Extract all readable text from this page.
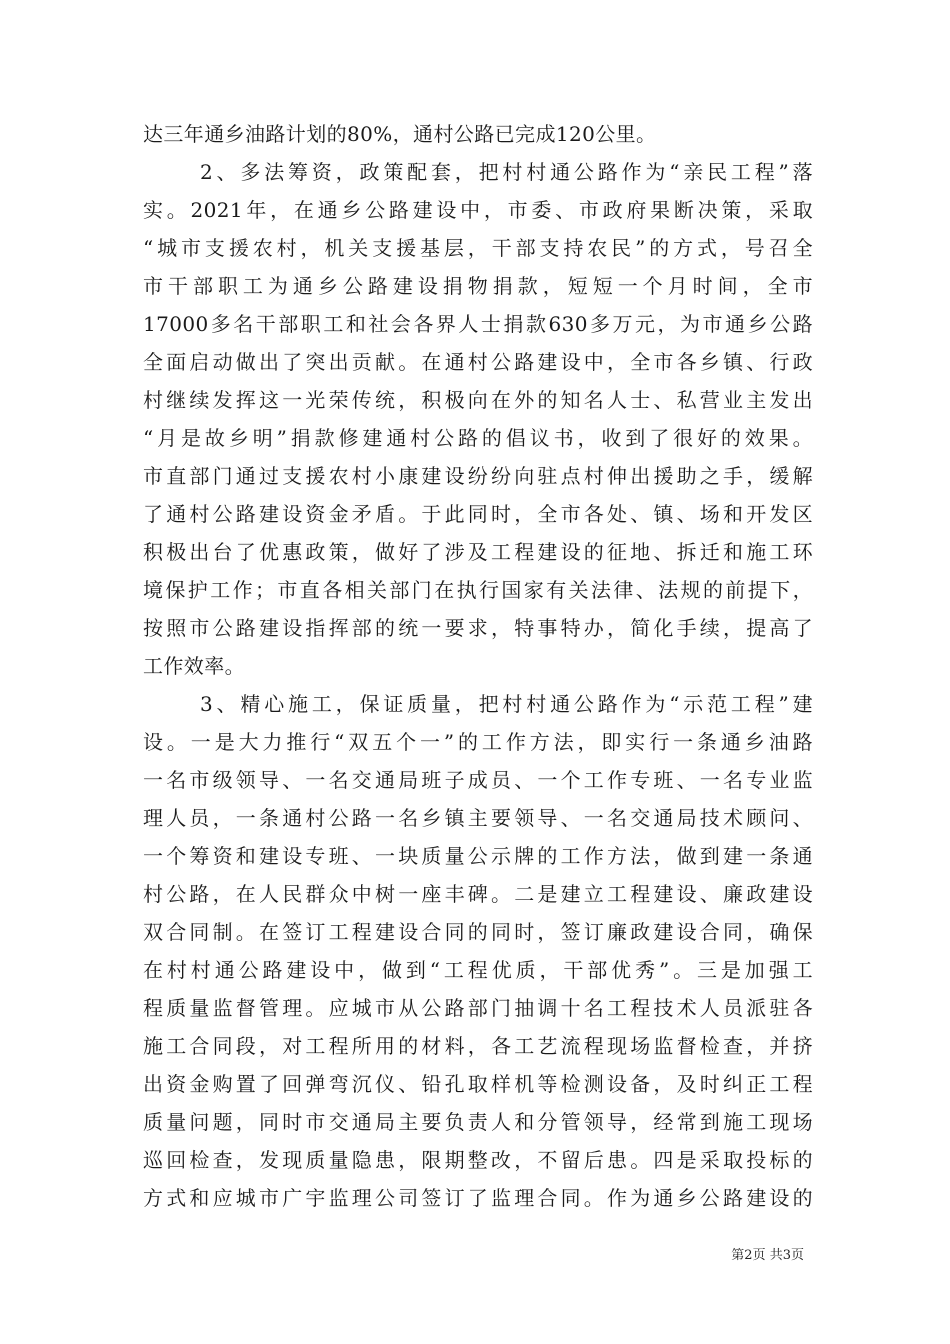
达三年通乡油路计划的80%，通村公路已完成120公里。
2、多法筹资，政策配套，把村村通公路作为“亲民工程”落
实。2021年，在通乡公路建设中，市委、市政府果断决策，采取
“城市支援农村，机关支援基层，干部支持农民”的方式，号召全
市干部职工为通乡公路建设捐物捐款，短短一个月时间，全市
17000多名干部职工和社会各界人士捐款630多万元，为市通乡公路
全面启动做出了突出贡献。在通村公路建设中，全市各乡镇、行政
村继续发挥这一光荣传统，积极向在外的知名人士、私营业主发出
“月是故乡明”捐款修建通村公路的倡议书，收到了很好的效果。
市直部门通过支援农村小康建设纷纷向驻点村伸出援助之手，缓解
了通村公路建设资金矛盾。于此同时，全市各处、镇、场和开发区
积极出台了优惠政策，做好了涉及工程建设的征地、拆迁和施工环
境保护工作；市直各相关部门在执行国家有关法律、法规的前提下，
按照市公路建设指挥部的统一要求，特事特办，简化手续，提高了
工作效率。
3、精心施工，保证质量，把村村通公路作为“示范工程”建
设。一是大力推行“双五个一”的工作方法，即实行一条通乡油路
一名市级领导、一名交通局班子成员、一个工作专班、一名专业监
理人员，一条通村公路一名乡镇主要领导、一名交通局技术顾问、
一个筹资和建设专班、一块质量公示牌的工作方法，做到建一条通
村公路，在人民群众中树一座丰碑。二是建立工程建设、廉政建设
双合同制。在签订工程建设合同的同时，签订廉政建设合同，确保
在村村通公路建设中，做到“工程优质，干部优秀”。三是加强工
程质量监督管理。应城市从公路部门抽调十名工程技术人员派驻各
施工合同段，对工程所用的材料，各工艺流程现场监督检查，并挤
出资金购置了回弹弯沉仪、铅孔取样机等检测设备，及时纠正工程
质量问题，同时市交通局主要负责人和分管领导，经常到施工现场
巡回检查，发现质量隐患，限期整改，不留后患。四是采取投标的
方式和应城市广宇监理公司签订了监理合同。作为通乡公路建设的
第2页 共3页
